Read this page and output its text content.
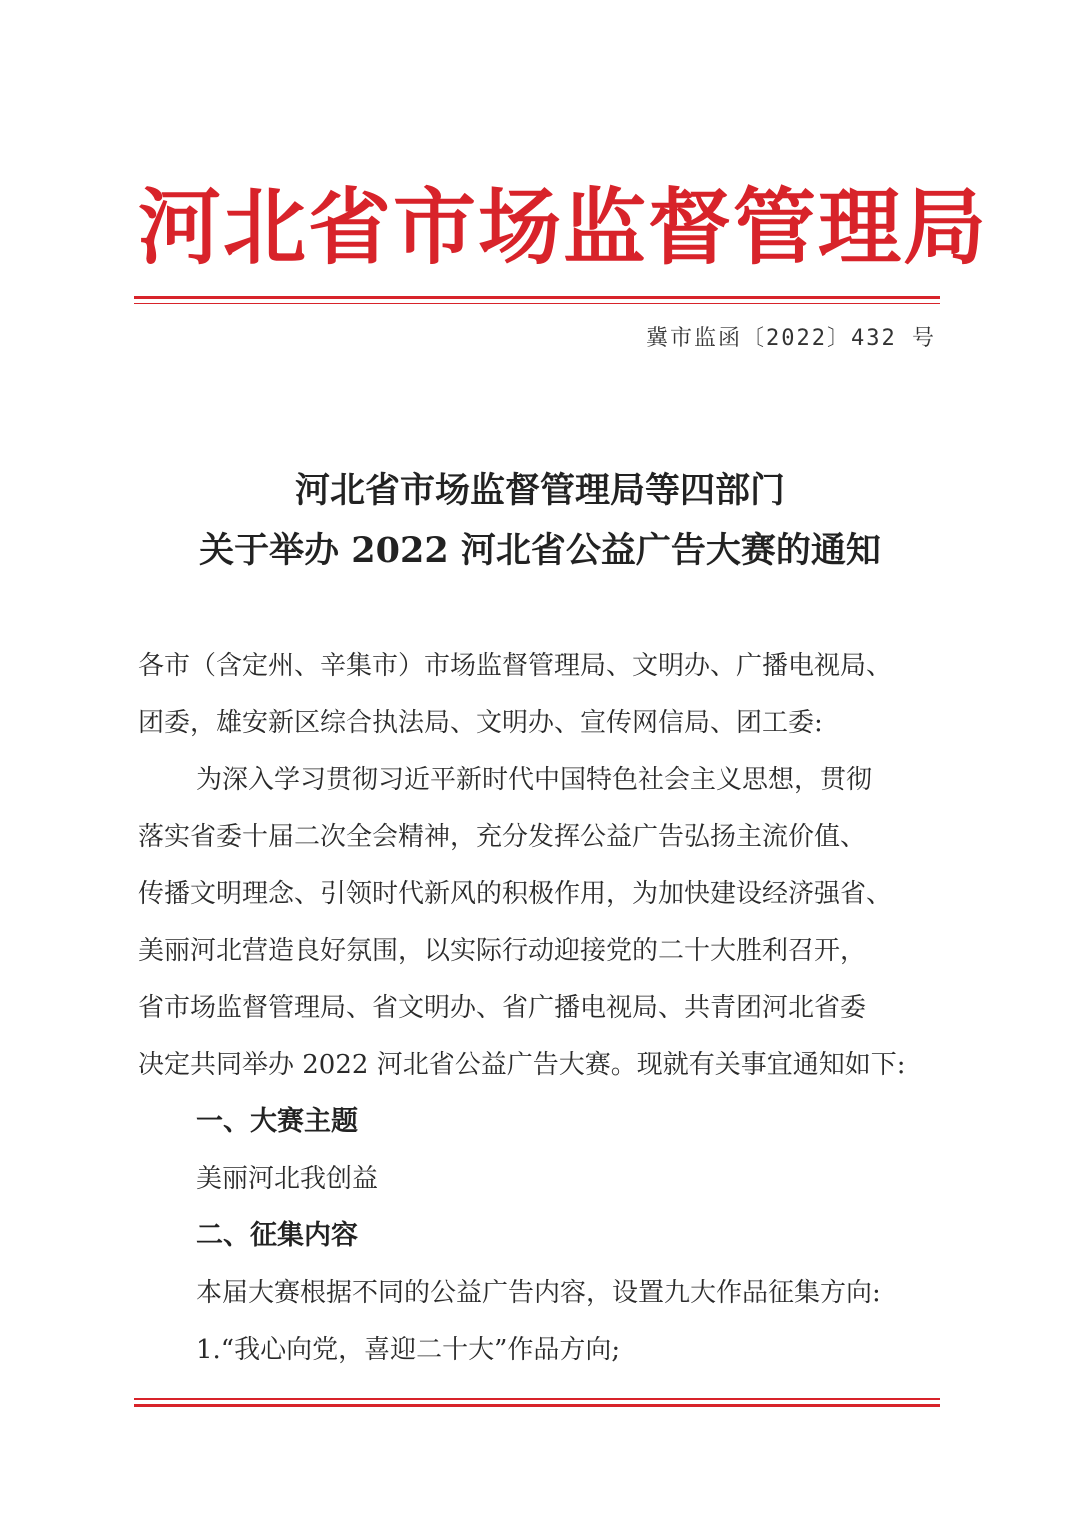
河北省市场监督管理局
冀市监函〔2022〕432 号
河北省市场监督管理局等四部门
关于举办 2022 河北省公益广告大赛的通知
各市（含定州、辛集市）市场监督管理局、文明办、广播电视局、
团委，雄安新区综合执法局、文明办、宣传网信局、团工委:
为深入学习贯彻习近平新时代中国特色社会主义思想，贯彻
落实省委十届二次全会精神，充分发挥公益广告弘扬主流价值、
传播文明理念、引领时代新风的积极作用，为加快建设经济强省、
美丽河北营造良好氛围，以实际行动迎接党的二十大胜利召开，
省市场监督管理局、省文明办、省广播电视局、共青团河北省委
决定共同举办 2022 河北省公益广告大赛。现就有关事宜通知如下:
一、大赛主题
美丽河北我创益
二、征集内容
本届大赛根据不同的公益广告内容，设置九大作品征集方向:
1.“我心向党，喜迎二十大”作品方向;
